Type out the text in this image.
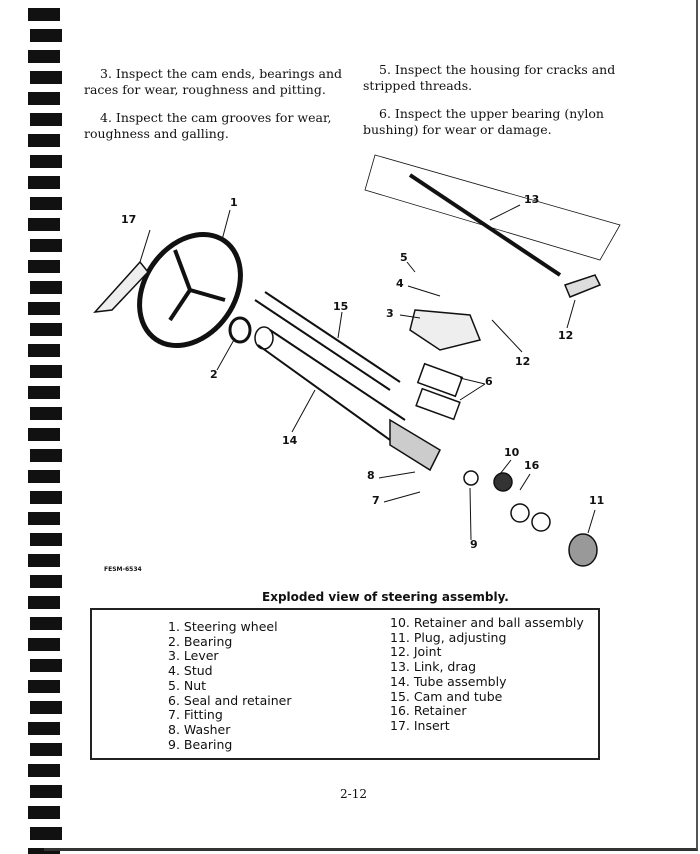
3. Inspect the cam ends, bearings and
races for wear, roughness and pitting.
4. Inspect the cam grooves for wear,
roughness and galling.
5. Inspect the housing for cracks and
stripped threads.
6. Inspect the upper bearing (nylon
bushing) for wear or damage.
1
17
13
5
4
3
15
12
12
6
2
14
10
16
8
7	11
9
FESM-6534
Exploded view of steering assembly.
1. Steering wheel
2. Bearing
3. Lever
4. Stud
5. Nut
6. Seal and retainer
7. Fitting
8. Washer
9. Bearing
10. Retainer and ball assembly
11. Plug, adjusting
12. Joint
13. Link, drag
14. Tube assembly
15. Cam and tube
16. Retainer
17. Insert
2-12
